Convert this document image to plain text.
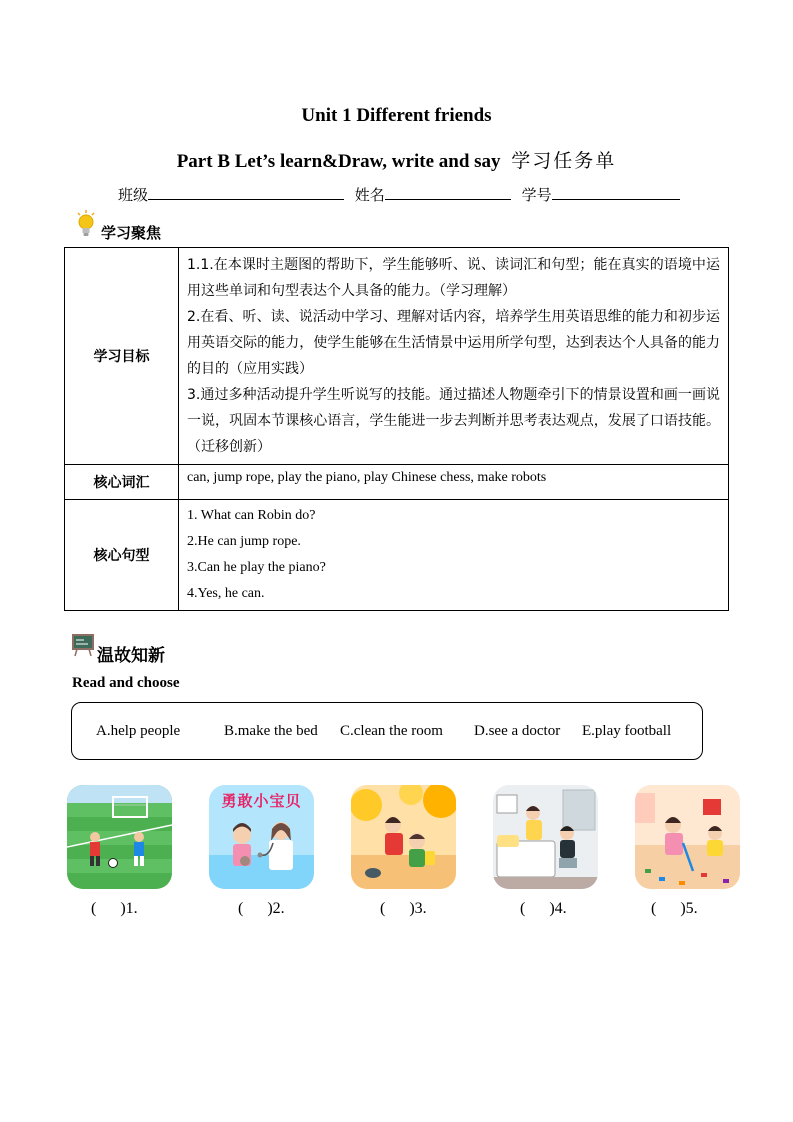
Unit 1 Different friends
Part B Let’s learn&Draw, write and say 学习任务单
班级	姓名	学号
学习聚焦
学习目标	1.1.在本课时主题图的帮助下，学生能够听、说、读词汇和句型；能在真实的语境中运用这些单词和句型表达个人具备的能力。（学习理解）
2.在看、听、读、说活动中学习、理解对话内容，培养学生用英语思维的能力和初步运用英语交际的能力，使学生能够在生活情景中运用所学句型，达到表达个人具备的能力的目的（应用实践）
3.通过多种活动提升学生听说写的技能。通过描述人物题牵引下的情景设置和画一画说一说，巩固本节课核心语言，学生能进一步去判断并思考表达观点，发展了口语技能。（迁移创新）

核心词汇	can, jump rope, play the piano, play Chinese chess, make robots
核心句型	1. What can Robin do?
2.He can jump rope.
3.Can he play the piano?
4.Yes, he can.
温故知新
Read and choose
A.help people	B.make the bed C.clean the room D.see a doctor E.play football
勇敢小宝贝
(      )1.	(      )2.	(      )3.	(      )4.	(      )5.
